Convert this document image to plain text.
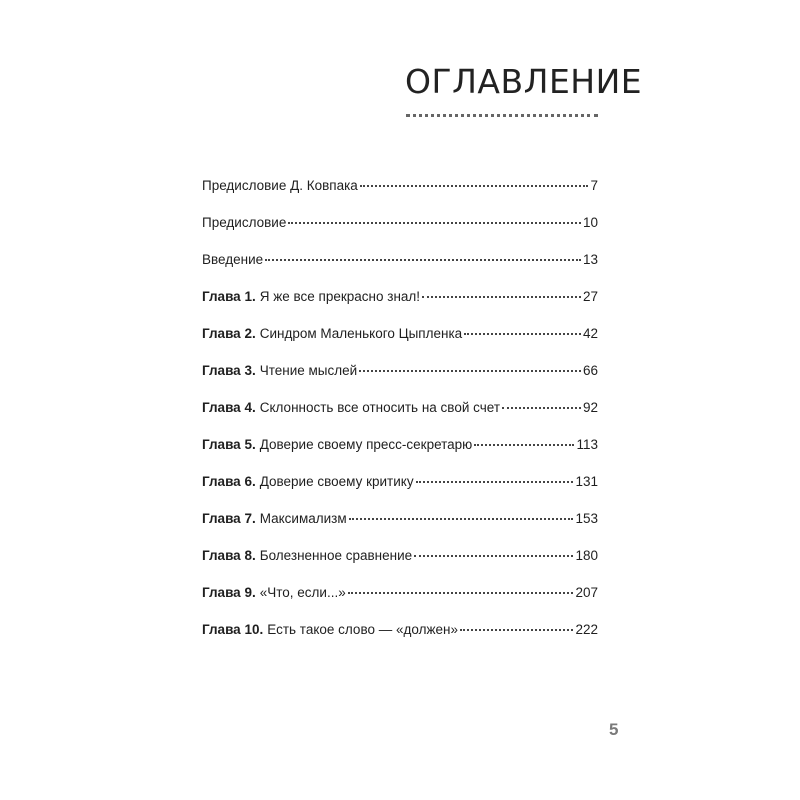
ОГЛАВЛЕНИЕ
Предисловие Д. Ковпака	7
Предисловие	10
Введение	13
Глава 1. Я же все прекрасно знал!	27
Глава 2. Синдром Маленького Цыпленка	42
Глава 3. Чтение мыслей	66
Глава 4. Склонность все относить на свой счет	92
Глава 5. Доверие своему пресс-секретарю	113
Глава 6. Доверие своему критику	131
Глава 7. Максимализм	153
Глава 8. Болезненное сравнение	180
Глава 9. «Что, если...»	207
Глава 10. Есть такое слово — «должен»	222
5
